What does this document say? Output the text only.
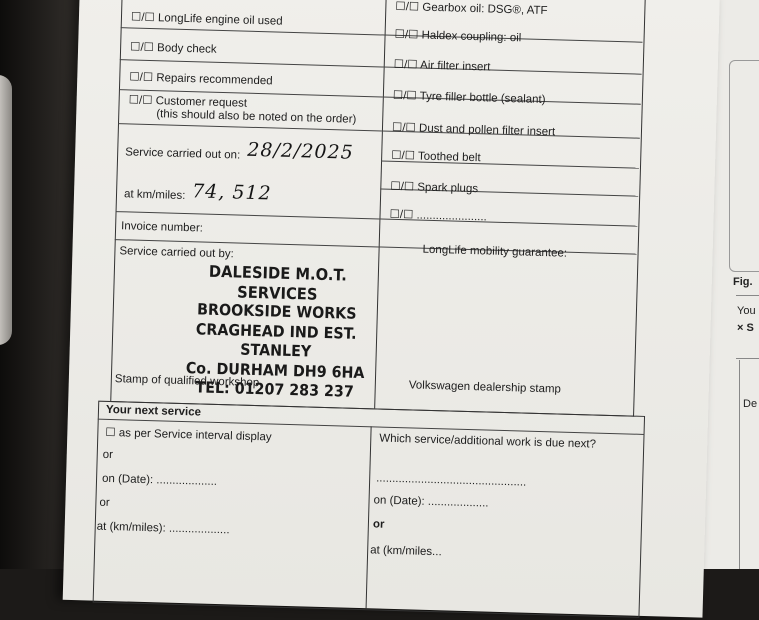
Fig.
You
× S
De
☐/☐ LongLife engine oil used
☐/☐ Body check
☐/☐ Repairs recommended
☐/☐ Customer request
(this should also be noted on the order)
Service carried out on: 28/2/2025
at km/miles: 74, 512
Invoice number:
Service carried out by:
Stamp of qualified workshop
DALESIDE M.O.T. SERVICES
BROOKSIDE WORKS
CRAGHEAD IND EST.
STANLEY
Co. DURHAM DH9 6HA
TEL: 01207 283 237
☐/☐ Gearbox oil: DSG®, ATF
☐/☐ Haldex coupling: oil
☐/☐ Air filter insert
☐/☐ Tyre filler bottle (sealant)
☐/☐ Dust and pollen filter insert
☐/☐ Toothed belt
☐/☐ Spark plugs
☐/☐ ......................
LongLife mobility guarantee:
Volkswagen dealership stamp
Your next service
☐ as per Service interval display
or
on (Date): ...................
or
at (km/miles): ...................
Which service/additional work is due next?
...............................................
on (Date): ...................
or
at (km/miles...
